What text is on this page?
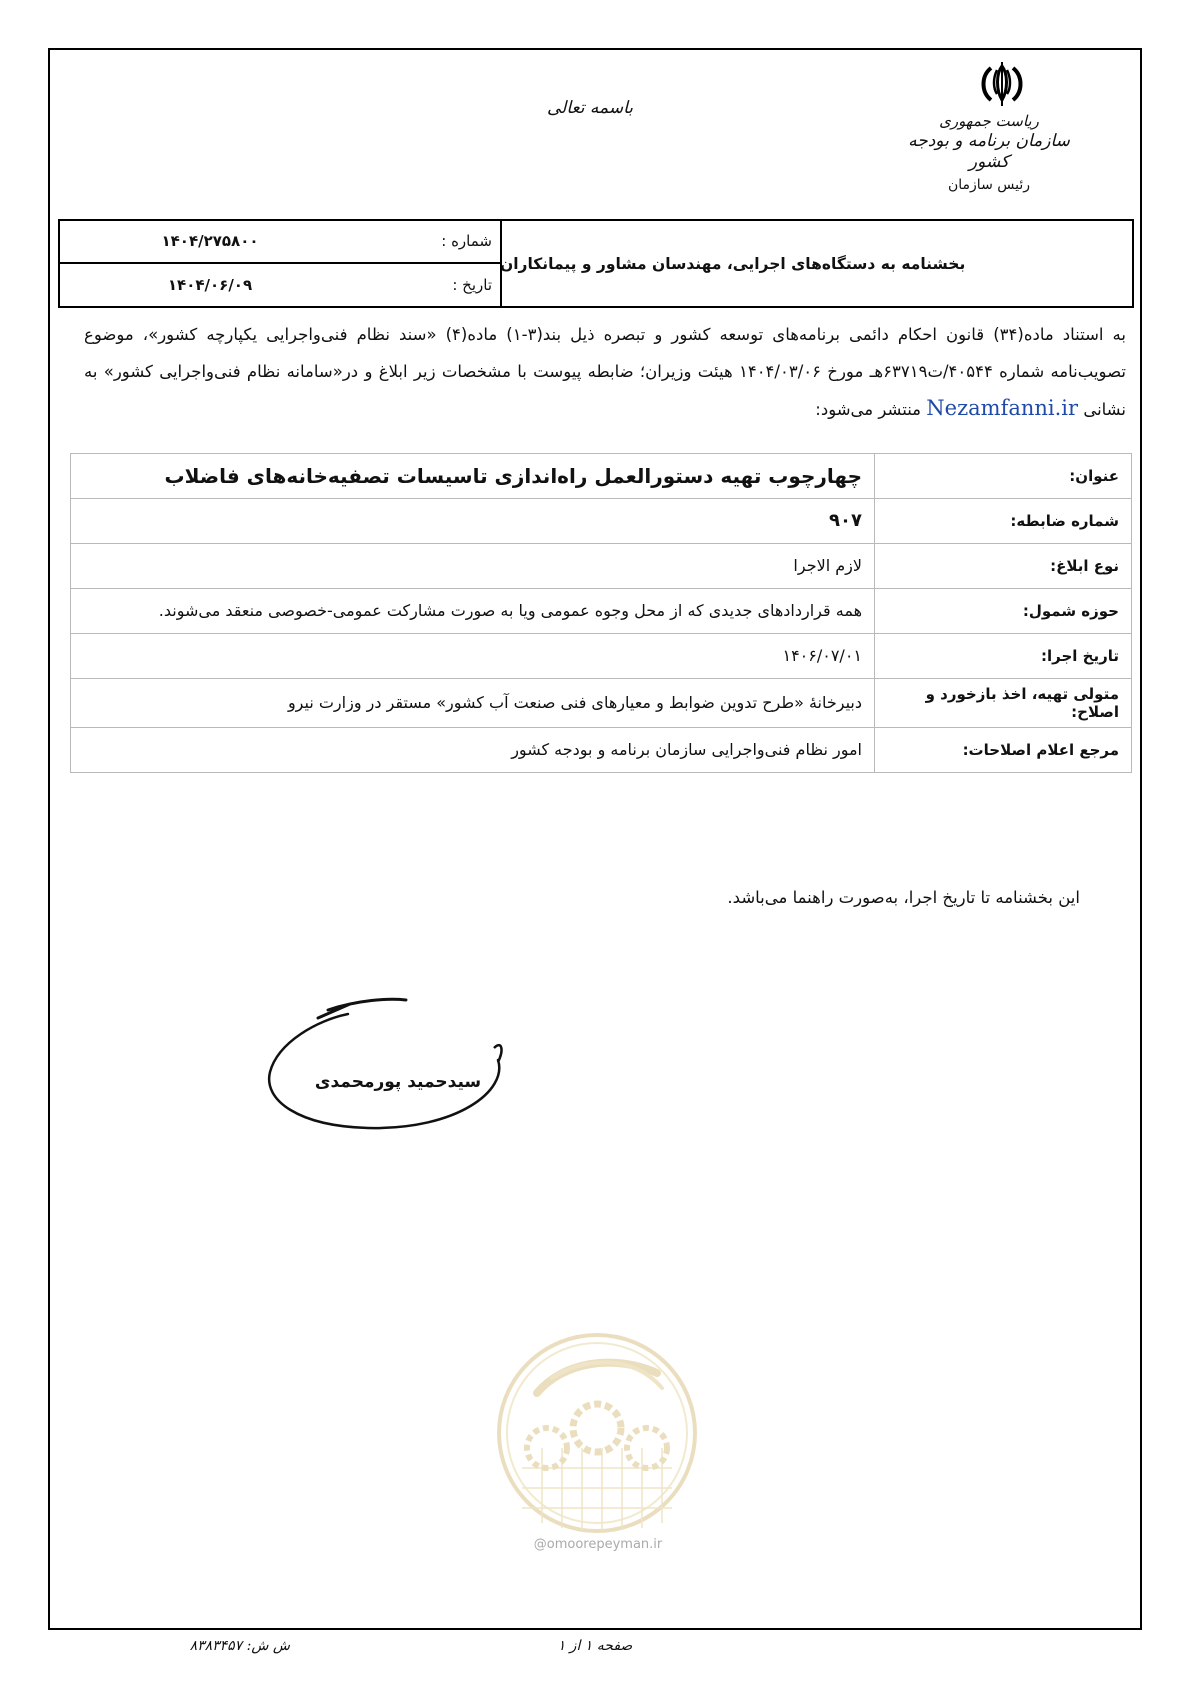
باسمه تعالی
ریاست جمهوری
سازمان برنامه و بودجه کشور
رئیس سازمان
بخشنامه به دستگاه‌های اجرایی، مهندسان مشاور و پیمانکاران
۱۴۰۴/۲۷۵۸۰۰	شماره :
۱۴۰۴/۰۶/۰۹	تاریخ :
به استناد ماده(۳۴) قانون احکام دائمی برنامه‌های توسعه کشور و تبصره ذیل بند(۳-۱) ماده(۴) «سند نظام فنی‌واجرایی یکپارچه کشور»، موضوع تصویب‌نامه شماره ۴۰۵۴۴/ت۶۳۷۱۹هـ مورخ ۱۴۰۴/۰۳/۰۶ هیئت وزیران؛ ضابطه پیوست با مشخصات زیر ابلاغ و در«سامانه نظام فنی‌واجرایی کشور» به نشانی Nezamfanni.ir منتشر می‌شود:
عنوان:	چهارچوب تهیه دستورالعمل راه‌اندازی تاسیسات تصفیه‌خانه‌های فاضلاب
شماره ضابطه:	۹۰۷
نوع ابلاغ:	لازم الاجرا
حوزه شمول:	همه قراردادهای جدیدی که از محل وجوه عمومی ویا به صورت مشارکت عمومی-خصوصی منعقد می‌شوند.
تاریخ اجرا:	۱۴۰۶/۰۷/۰۱
متولی تهیه، اخذ بازخورد و اصلاح:	دبیرخانۀ «طرح تدوین ضوابط و معیارهای فنی صنعت آب کشور» مستقر در وزارت نیرو
مرجع اعلام اصلاحات:	امور نظام فنی‌واجرایی سازمان برنامه و بودجه کشور
این بخشنامه تا تاریخ اجرا، به‌صورت راهنما می‌باشد.
سیدحمید پورمحمدی
@omoorepeyman.ir
ش ش: ۸۳۸۳۴۵۷	صفحه ۱ از ۱
